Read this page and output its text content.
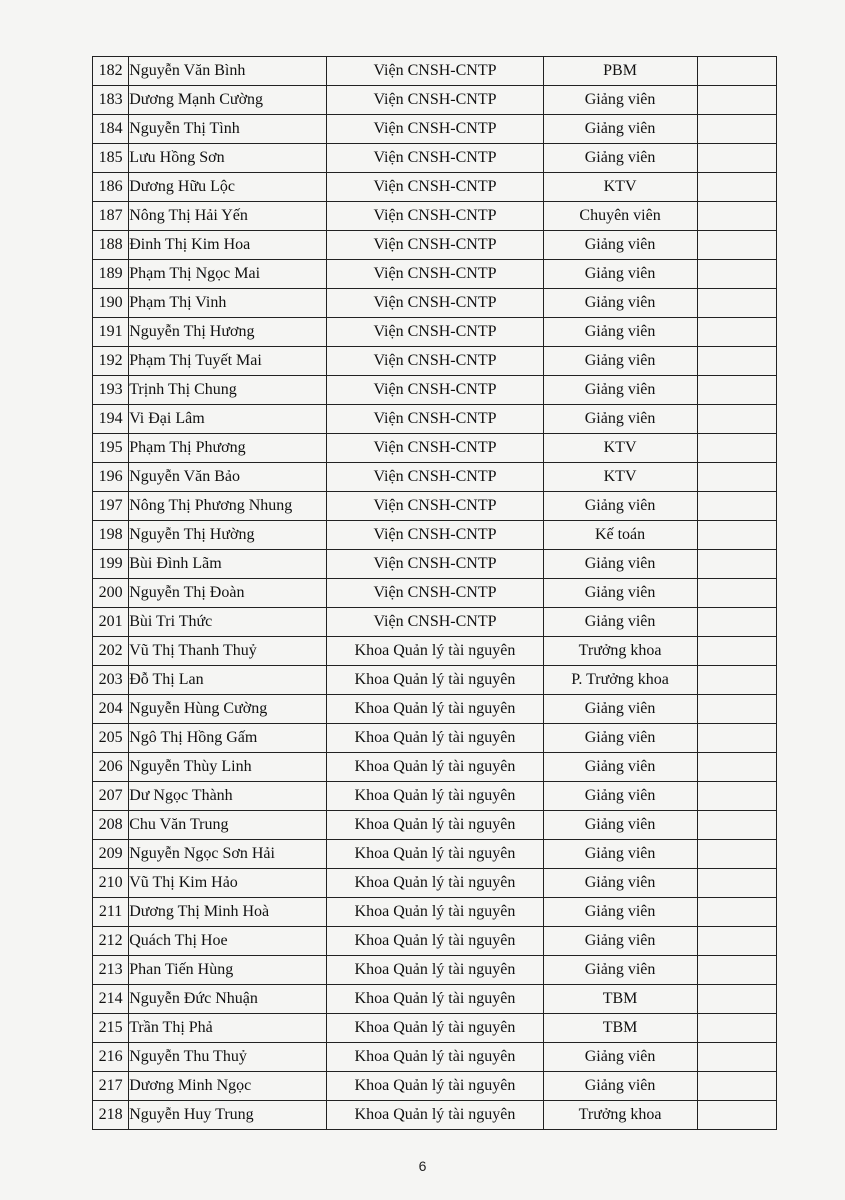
182	Nguyễn Văn Bình	Viện CNSH-CNTP	PBM	
183	Dương Mạnh Cường	Viện CNSH-CNTP	Giảng viên	
184	Nguyễn Thị Tình	Viện CNSH-CNTP	Giảng viên	
185	Lưu Hồng Sơn	Viện CNSH-CNTP	Giảng viên	
186	Dương Hữu Lộc	Viện CNSH-CNTP	KTV	
187	Nông Thị Hải Yến	Viện CNSH-CNTP	Chuyên viên	
188	Đinh Thị Kim Hoa	Viện CNSH-CNTP	Giảng viên	
189	Phạm Thị Ngọc Mai	Viện CNSH-CNTP	Giảng viên	
190	Phạm Thị Vinh	Viện CNSH-CNTP	Giảng viên	
191	Nguyễn Thị Hương	Viện CNSH-CNTP	Giảng viên	
192	Phạm Thị Tuyết Mai	Viện CNSH-CNTP	Giảng viên	
193	Trịnh Thị Chung	Viện CNSH-CNTP	Giảng viên	
194	Vi Đại Lâm	Viện CNSH-CNTP	Giảng viên	
195	Phạm Thị Phương	Viện CNSH-CNTP	KTV	
196	Nguyễn Văn Bảo	Viện CNSH-CNTP	KTV	
197	Nông Thị Phương Nhung	Viện CNSH-CNTP	Giảng viên	
198	Nguyễn Thị Hường	Viện CNSH-CNTP	Kế toán	
199	Bùi Đình Lãm	Viện CNSH-CNTP	Giảng viên	
200	Nguyễn Thị Đoàn	Viện CNSH-CNTP	Giảng viên	
201	Bùi Tri Thức	Viện CNSH-CNTP	Giảng viên	
202	Vũ Thị Thanh Thuỷ	Khoa Quản lý tài nguyên	Trưởng khoa	
203	Đỗ Thị Lan	Khoa Quản lý tài nguyên	P. Trưởng khoa	
204	Nguyễn Hùng Cường	Khoa Quản lý tài nguyên	Giảng viên	
205	Ngô Thị Hồng Gấm	Khoa Quản lý tài nguyên	Giảng viên	
206	Nguyễn Thùy Linh	Khoa Quản lý tài nguyên	Giảng viên	
207	Dư Ngọc Thành	Khoa Quản lý tài nguyên	Giảng viên	
208	Chu Văn Trung	Khoa Quản lý tài nguyên	Giảng viên	
209	Nguyễn Ngọc Sơn Hải	Khoa Quản lý tài nguyên	Giảng viên	
210	Vũ Thị Kim Hảo	Khoa Quản lý tài nguyên	Giảng viên	
211	Dương Thị Minh Hoà	Khoa Quản lý tài nguyên	Giảng viên	
212	Quách Thị Hoe	Khoa Quản lý tài nguyên	Giảng viên	
213	Phan Tiến Hùng	Khoa Quản lý tài nguyên	Giảng viên	
214	Nguyễn Đức Nhuận	Khoa Quản lý tài nguyên	TBM	
215	Trần Thị Phả	Khoa Quản lý tài nguyên	TBM	
216	Nguyễn Thu Thuỷ	Khoa Quản lý tài nguyên	Giảng viên	
217	Dương Minh Ngọc	Khoa Quản lý tài nguyên	Giảng viên	
218	Nguyễn Huy Trung	Khoa Quản lý tài nguyên	Trưởng khoa	
6
